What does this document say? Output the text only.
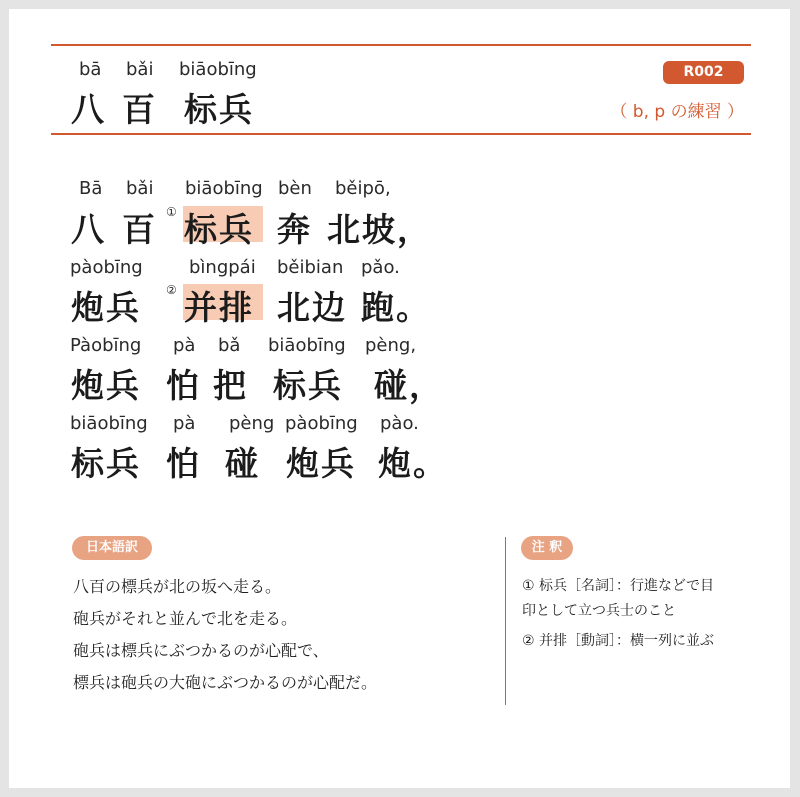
bā bǎi biāobīng
八 百 标兵
R002
（ b, p の練習 ）
Bā bǎi biāobīng bèn běipō,
①
八 百 标兵 奔 北坡，
pàobīng	bìngpái běibian pǎo.
②
炮兵 并排 北边 跑。
Pàobīng pà bǎ biāobīng pèng,
炮兵 怕 把 标兵 碰，
biāobīng pà pèng pàobīng pào.
标兵 怕 碰 炮兵 炮。
日本語訳
八百の標兵が北の坂へ走る。
砲兵がそれと並んで北を走る。
砲兵は標兵にぶつかるのが心配で、
標兵は砲兵の大砲にぶつかるのが心配だ。
注 釈
① 标兵［名詞］：行進などで目
印として立つ兵士のこと
② 并排［動詞］：横一列に並ぶ
